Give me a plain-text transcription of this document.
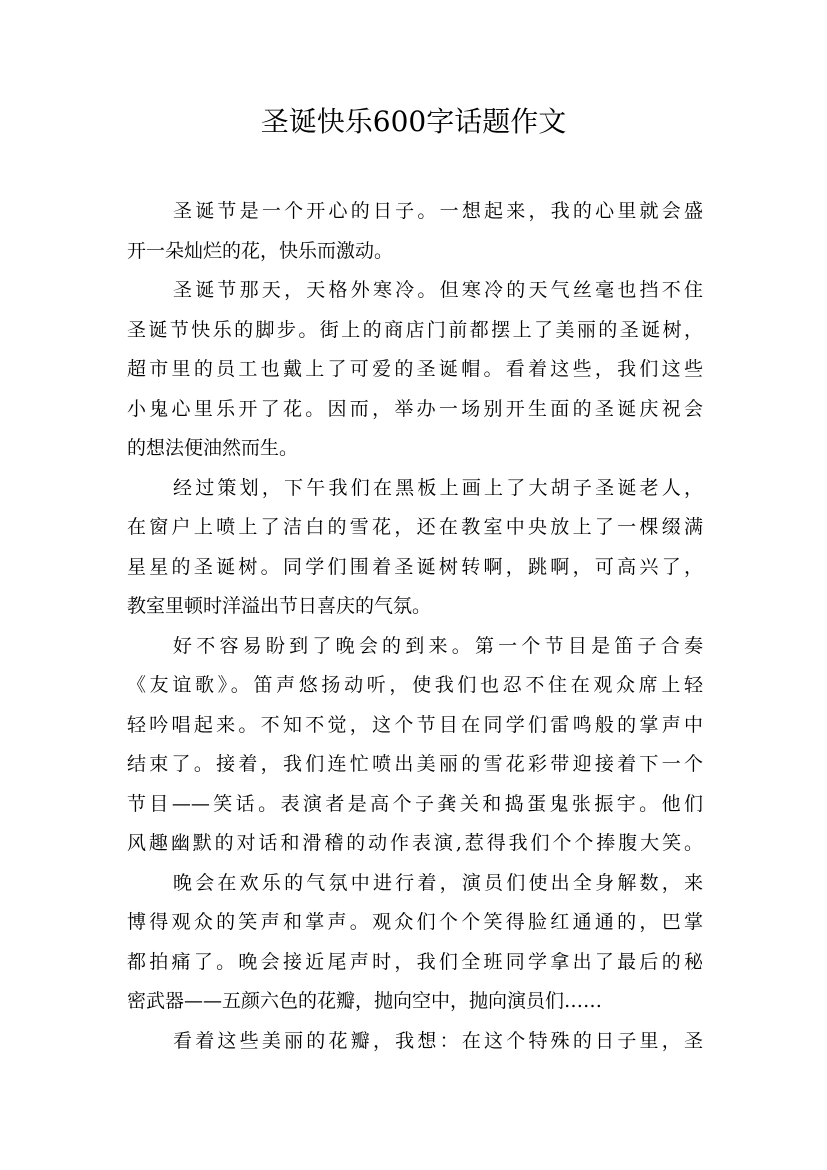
圣诞快乐600字话题作文
圣诞节是一个开心的日子。一想起来，我的心里就会盛
开一朵灿烂的花，快乐而激动。
圣诞节那天，天格外寒冷。但寒冷的天气丝毫也挡不住
圣诞节快乐的脚步。街上的商店门前都摆上了美丽的圣诞树，
超市里的员工也戴上了可爱的圣诞帽。看着这些，我们这些
小鬼心里乐开了花。因而，举办一场别开生面的圣诞庆祝会
的想法便油然而生。
经过策划，下午我们在黑板上画上了大胡子圣诞老人，
在窗户上喷上了洁白的雪花，还在教室中央放上了一棵缀满
星星的圣诞树。同学们围着圣诞树转啊，跳啊，可高兴了，
教室里顿时洋溢出节日喜庆的气氛。
好不容易盼到了晚会的到来。第一个节目是笛子合奏
《友谊歌》。笛声悠扬动听，使我们也忍不住在观众席上轻
轻吟唱起来。不知不觉，这个节目在同学们雷鸣般的掌声中
结束了。接着，我们连忙喷出美丽的雪花彩带迎接着下一个
节目——笑话。表演者是高个子龚关和捣蛋鬼张振宇。他们
风趣幽默的对话和滑稽的动作表演,惹得我们个个捧腹大笑。
晚会在欢乐的气氛中进行着，演员们使出全身解数，来
博得观众的笑声和掌声。观众们个个笑得脸红通通的，巴掌
都拍痛了。晚会接近尾声时，我们全班同学拿出了最后的秘
密武器——五颜六色的花瓣，抛向空中，抛向演员们……
看着这些美丽的花瓣，我想：在这个特殊的日子里，圣
